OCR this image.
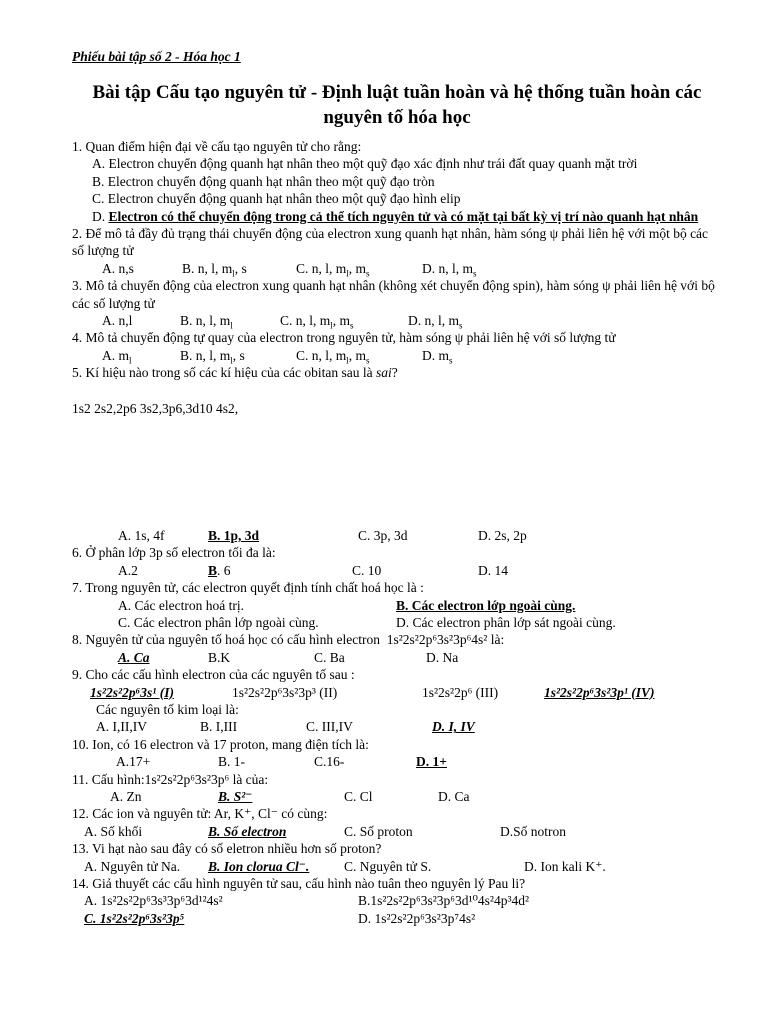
Phiếu bài tập số 2 - Hóa học 1
Bài tập Cấu tạo nguyên tử - Định luật tuần hoàn và hệ thống tuần hoàn các nguyên tố hóa học
1. Quan điểm hiện đại về cấu tạo nguyên tử cho rằng:
A. Electron chuyển động quanh hạt nhân theo một quỹ đạo xác định như trái đất quay quanh mặt trời
B. Electron chuyển động quanh hạt nhân theo một quỹ đạo tròn
C. Electron chuyển động quanh hạt nhân theo một quỹ đạo hình elip
D. Electron có thể chuyển động trong cả thể tích nguyên tử và có mặt tại bất kỳ vị trí nào quanh hạt nhân
2. Để mô tả đầy đủ trạng thái chuyển động của electron xung quanh hạt nhân, hàm sóng ψ phải liên hệ với một bộ các số lượng tử
A. n,s	B. n, l, $m_l$, s	C. n, l, $m_l$, $m_s$	D. n, l, $m_s$
3. Mô tả chuyển động của electron xung quanh hạt nhân (không xét chuyển động spin), hàm sóng ψ phải liên hệ với bộ các số lượng tử
A. n,l	B. n, l, $m_l$	C. n, l, $m_l$, $m_s$	D. n, l, $m_s$
4. Mô tả chuyển động tự quay của electron trong nguyên tử, hàm sóng ψ phải liên hệ với số lượng tử
A. $m_l$	B. n, l, $m_l$, s	C. n, l, $m_l$, $m_s$	D. $m_s$
5. Kí hiệu nào trong số các kí hiệu của các obitan sau là sai?
1s2 2s2,2p6 3s2,3p6,3d10 4s2,
A. 1s, 4f	B. 1p, 3d	C. 3p, 3d	D. 2s, 2p
6. Ở phân lớp 3p số electron tối đa là:
A.2	B. 6	C. 10	D. 14
7. Trong nguyên tử, các electron quyết định tính chất hoá học là :
A. Các electron hoá trị.	B. Các electron lớp ngoài cùng.
C. Các electron phân lớp ngoài cùng.	D. Các electron phân lớp sát ngoài cùng.
8. Nguyên tử của nguyên tố hoá học có cấu hình electron 1s²2s²2p⁶3s²3p⁶4s² là:
A. Ca	B.K	C. Ba	D. Na
9. Cho các cấu hình electron của các nguyên tố sau :
1s²2s²2p⁶3s¹ (I)	1s²2s²2p⁶3s²3p³ (II)	1s²2s²2p⁶ (III)	1s²2s²2p⁶3s²3p¹ (IV)
Các nguyên tố kim loại là:
A. I,II,IV	B. I,III	C. III,IV	D. I, IV
10. Ion, có 16 electron và 17 proton, mang điện tích là:
A.17+	B. 1-	C.16-	D. 1+
11. Cấu hình:1s²2s²2p⁶3s²3p⁶ là của:
A. Zn	B. S²⁻	C. Cl	D. Ca
12. Các ion và nguyên tử: Ar, K⁺, Cl⁻ có cùng:
A. Số khối	B. Số electron	C. Số proton	D.Số notron
13. Vi hạt nào sau đây có số eletron nhiều hơn số proton?
A. Nguyên tử Na. B. Ion clorua Cl⁻.	C. Nguyên tử S.	D. Ion kali K⁺.
14. Giả thuyết các cấu hình nguyên tử sau, cấu hình nào tuân theo nguyên lý Pau li?
A. 1s²2s²2p⁶3s³3p⁶3d¹²4s²	B.1s²2s²2p⁶3s²3p⁶3d¹⁰4s²4p³4d²
C. 1s²2s²2p⁶3s²3p⁵	D. 1s²2s²2p⁶3s²3p⁷4s²
